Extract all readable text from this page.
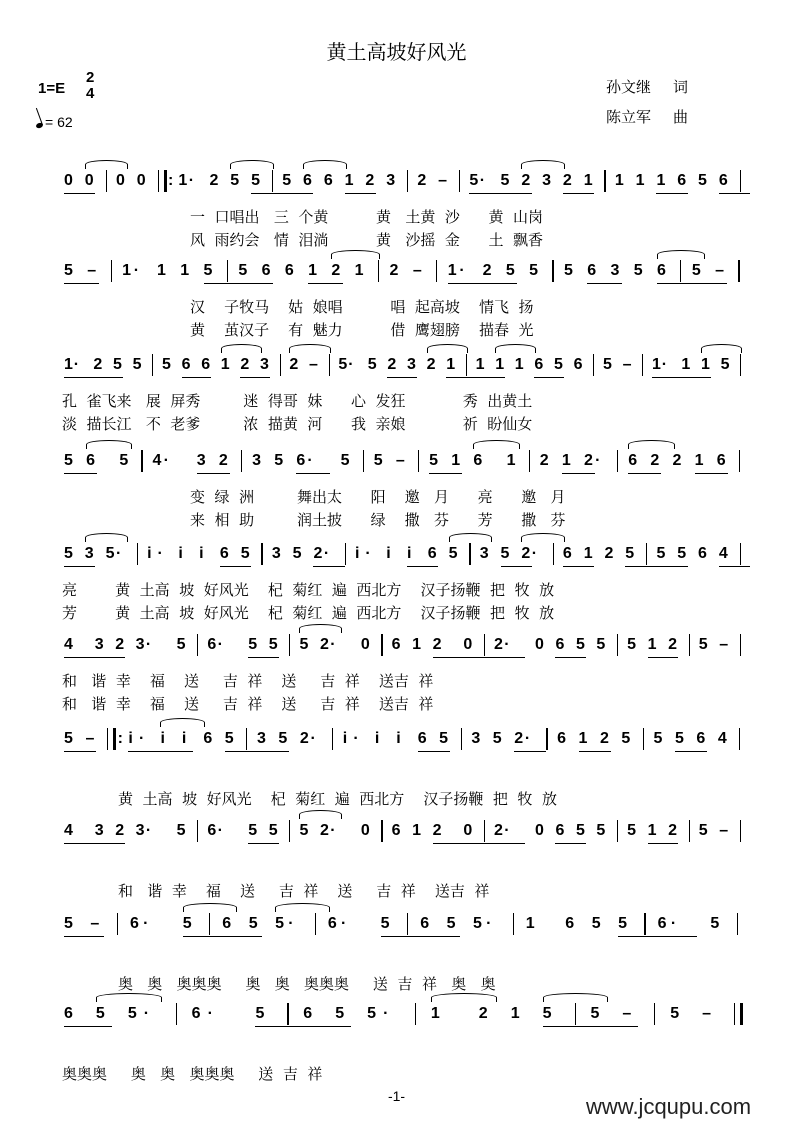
黄土高坡好风光
1=E
2
4
= 62
孙文继 词
陈立军 曲
0 0 0 0 : 1 · 2 5 5 5 6 6 1 2 3 2 – 5 · 5 2 3 2 1 1 1 1 6 5 6
一  口唱出   三  个黄          黄   土黄  沙      黄  山岗
风  雨约会   情  泪淌          黄   沙摇  金      土  飘香
5 – 1 · 1 1 5 5 6 6 1 2 1 2 – 1 · 2 5 5 5 6 3 5 6 5 –
汉    子牧马    姑  娘唱          唱  起高坡    情飞  扬
黄    茧汉子    有  魅力          借  鹰翅膀    描春  光
1 · 2 5 5 5 6 6 1 2 3 2 – 5 · 5 2 3 2 1 1 1 1 6 5 6 5 – 1 · 1 1 5
孔  雀飞来   展  屏秀         迷  得哥  妹      心  发狂            秀  出黄土
淡  描长江   不  老爹         浓  描黄  河      我  亲娘            祈  盼仙女
5 6 5 4 · 3 2 3 5 6 · 5 5 – 5 1 6 1 2 1 2 · 6 2 2 1 6
变  绿  洲         舞出太      阳    邀   月      亮      邀   月
来  相  助         润土披      绿    撒   芬      芳      撒   芬
5 3 5 · i · i i 6 5 3 5 2 · i · i i 6 5 3 5 2 · 6 1 2 5 5 5 6 4
亮        黄  土高  坡  好风光    杞  菊红  遍  西北方    汉子扬鞭  把  牧  放
芳        黄  土高  坡  好风光    杞  菊红  遍  西北方    汉子扬鞭  把  牧  放
4 3 2 3 · 5 6 · 5 5 5 2 · 0 6 1 2 0 2 · 0 6 5 5 5 1 2 5 –
和   谐  幸    福    送     吉  祥    送     吉  祥    送吉  祥
和   谐  幸    福    送     吉  祥    送     吉  祥    送吉  祥
5 – : i · i i 6 5 3 5 2 · i · i i 6 5 3 5 2 · 6 1 2 5 5 5 6 4
黄  土高  坡  好风光    杞  菊红  遍  西北方    汉子扬鞭  把  牧  放
4 3 2 3 · 5 6 · 5 5 5 2 · 0 6 1 2 0 2 · 0 6 5 5 5 1 2 5 –
和   谐  幸    福    送     吉  祥    送     吉  祥    送吉  祥
5 – 6 · 5 6 5 5 · 6 · 5 6 5 5 · 1 6 5 5 6 · 5
奥   奥   奥奥奥     奥   奥   奥奥奥     送  吉  祥   奥   奥
6 5 5 ·	6 ·	5 6 5 5 ·	1 2 1 5 5 – 5 –
奥奥奥     奥   奥   奥奥奥     送  吉  祥
-1-	www.jcqupu.com
